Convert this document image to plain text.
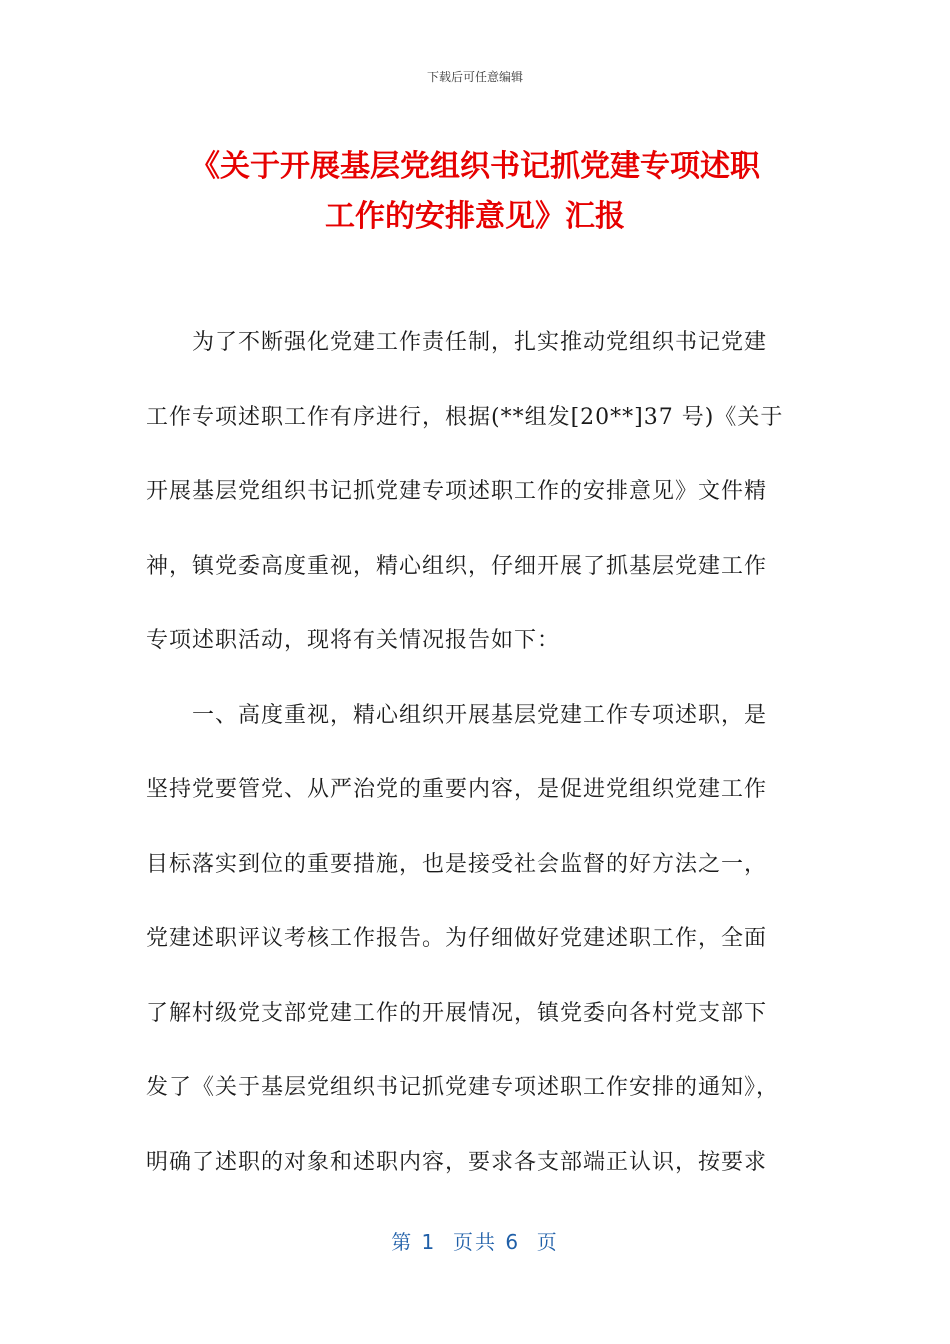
下载后可任意编辑
《关于开展基层党组织书记抓党建专项述职
工作的安排意见》汇报
　　为了不断强化党建工作责任制，扎实推动党组织书记党建
工作专项述职工作有序进行，根据(**组发[20**]37 号)《关于
开展基层党组织书记抓党建专项述职工作的安排意见》文件精
神，镇党委高度重视，精心组织，仔细开展了抓基层党建工作
专项述职活动，现将有关情况报告如下：
　　一、高度重视，精心组织开展基层党建工作专项述职，是
坚持党要管党、从严治党的重要内容，是促进党组织党建工作
目标落实到位的重要措施，也是接受社会监督的好方法之一，
党建述职评议考核工作报告。为仔细做好党建述职工作，全面
了解村级党支部党建工作的开展情况，镇党委向各村党支部下
发了《关于基层党组织书记抓党建专项述职工作安排的通知》，
明确了述职的对象和述职内容，要求各支部端正认识，按要求
第 1  页共 6  页
